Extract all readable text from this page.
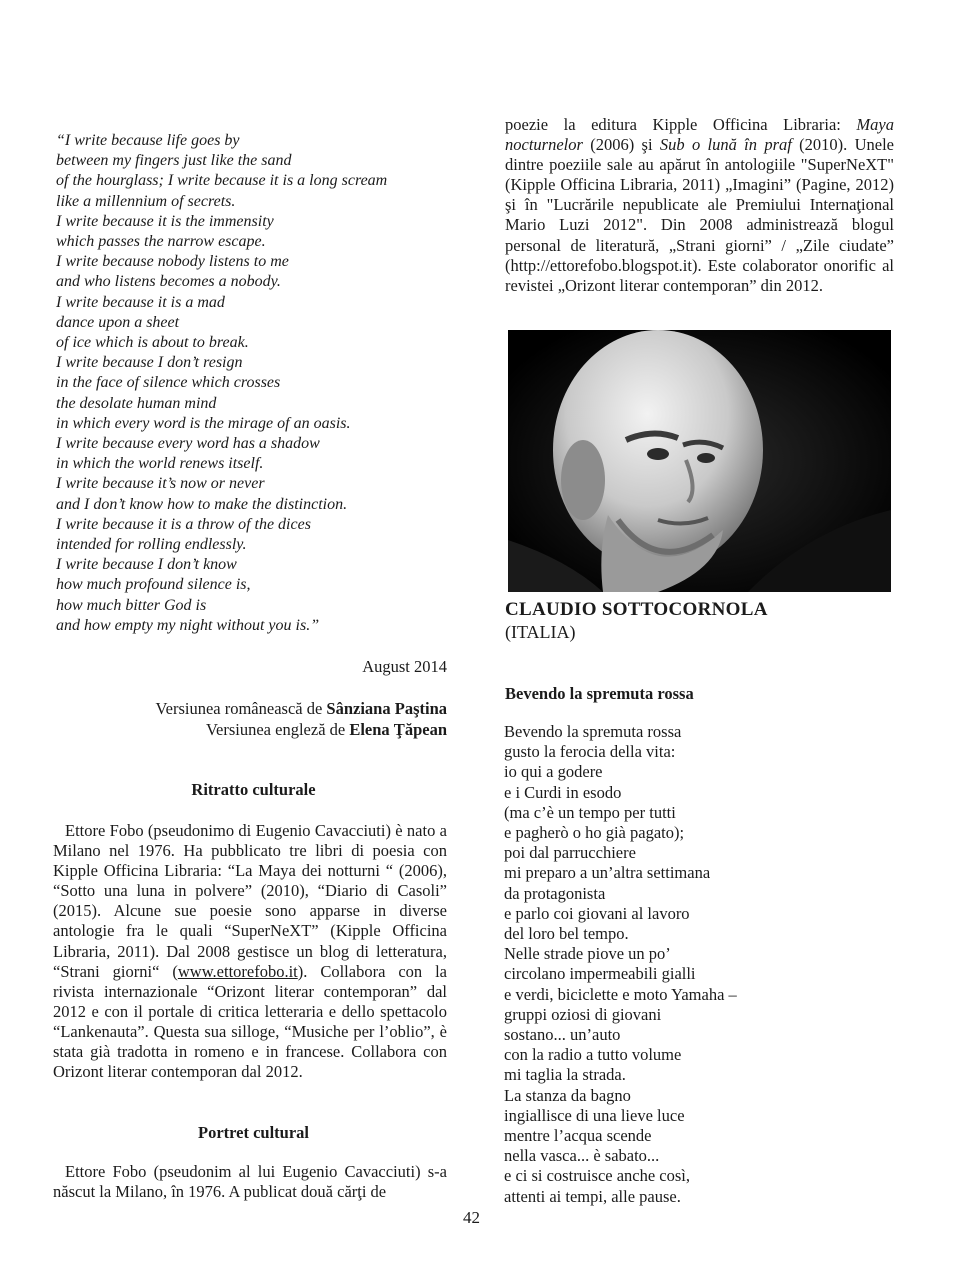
“I write because life goes by
between my fingers just like the sand
of the hourglass; I write because it is a long scream
like a millennium of secrets.
I write because it is the immensity
which passes the narrow escape.
I write because nobody listens to me
and who listens becomes a nobody.
I write because it is a mad
dance upon a sheet
of ice which is about to break.
I write because I don’t resign
in the face of silence which crosses
the desolate human mind
in which every word is the mirage of an oasis.
I write because every word has a shadow
in which the world renews itself.
I write because it’s now or never
and I don’t know how to make the distinction.
I write because it is a throw of the dices
intended for rolling endlessly.
I write because I don’t know
how much profound silence is,
how much bitter God is
and how empty my night without you is.”
August 2014
Versiunea românească de Sânziana Paştina
Versiunea engleză de Elena Ţăpean
Ritratto culturale
Ettore Fobo (pseudonimo di Eugenio Cavacciuti) è nato a Milano nel 1976. Ha pubblicato tre libri di poesia con Kipple Officina Libraria: “La Maya dei notturni “ (2006), “Sotto una luna in polvere” (2010), “Diario di Casoli” (2015). Alcune sue poesie sono apparse in diverse antologie fra le quali “SuperNeXT” (Kipple Officina Libraria, 2011). Dal 2008 gestisce un blog di letteratura, “Strani giorni“ (www.ettorefobo.it). Collabora con la rivista internazionale “Orizont literar contemporan” dal 2012 e con il portale di critica letteraria e dello spettacolo “Lankenauta”. Questa sua silloge, “Musiche per l’oblio”, è stata già tradotta in romeno e in francese. Collabora con Orizont literar contemporan dal 2012.
Portret cultural
Ettore Fobo (pseudonim al lui Eugenio Cavacciuti) s-a născut la Milano, în 1976. A publicat două cărţi de
poezie la editura Kipple Officina Libraria: Maya nocturnelor (2006) şi Sub o lună în praf (2010). Unele dintre poeziile sale au apărut în antologiile "SuperNeXT" (Kipple Officina Libraria, 2011) „Imagini” (Pagine, 2012) şi în "Lucrările nepublicate ale Premiului Internaţional Mario Luzi 2012". Din 2008 administrează blogul personal de literatură, „Strani giorni” / „Zile ciudate” (http://ettorefobo.blogspot.it). Este colaborator onorific al revistei „Orizont literar contemporan” din 2012.
CLAUDIO SOTTOCORNOLA
(ITALIA)
Bevendo la spremuta rossa
Bevendo la spremuta rossa
gusto la ferocia della vita:
io qui a godere
e i Curdi in esodo
(ma c’è un tempo per tutti
e pagherò o ho già pagato);
poi dal parrucchiere
mi preparo a un’altra settimana
da protagonista
e parlo coi giovani al lavoro
del loro bel tempo.
Nelle strade piove un po’
circolano impermeabili gialli
e verdi, biciclette e moto Yamaha –
gruppi oziosi di giovani
sostano... un’auto
con la radio a tutto volume
mi taglia la strada.
La stanza da bagno
ingiallisce di una lieve luce
mentre l’acqua scende
nella vasca... è sabato...
e ci si costruisce anche così,
attenti ai tempi, alle pause.
42
